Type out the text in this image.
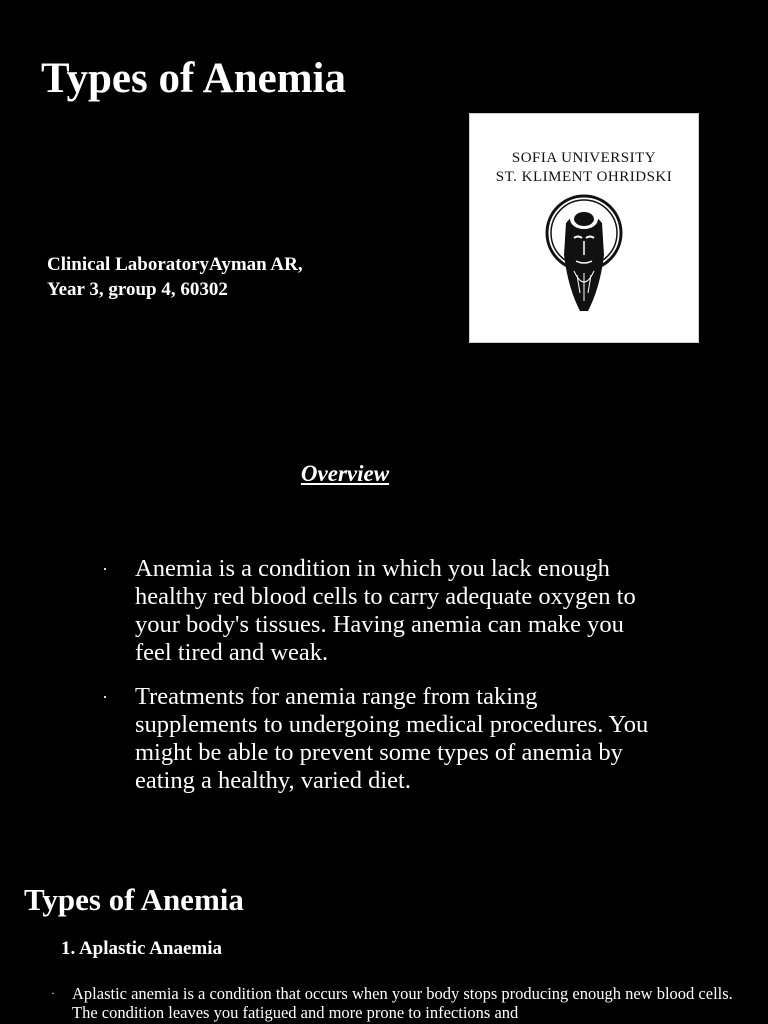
Types of Anemia
Clinical LaboratoryAyman AR,
Year 3, group 4, 60302
SOFIA UNIVERSITY
ST. KLIMENT OHRIDSKI
Overview
· Anemia is a condition in which you lack enough healthy red blood cells to carry adequate oxygen to your body's tissues. Having anemia can make you feel tired and weak.
· Treatments for anemia range from taking supplements to undergoing medical procedures. You might be able to prevent some types of anemia by eating a healthy, varied diet.
Types of Anemia
1. Aplastic Anaemia
· Aplastic anemia is a condition that occurs when your body stops producing enough new blood cells. The condition leaves you fatigued and more prone to infections and
